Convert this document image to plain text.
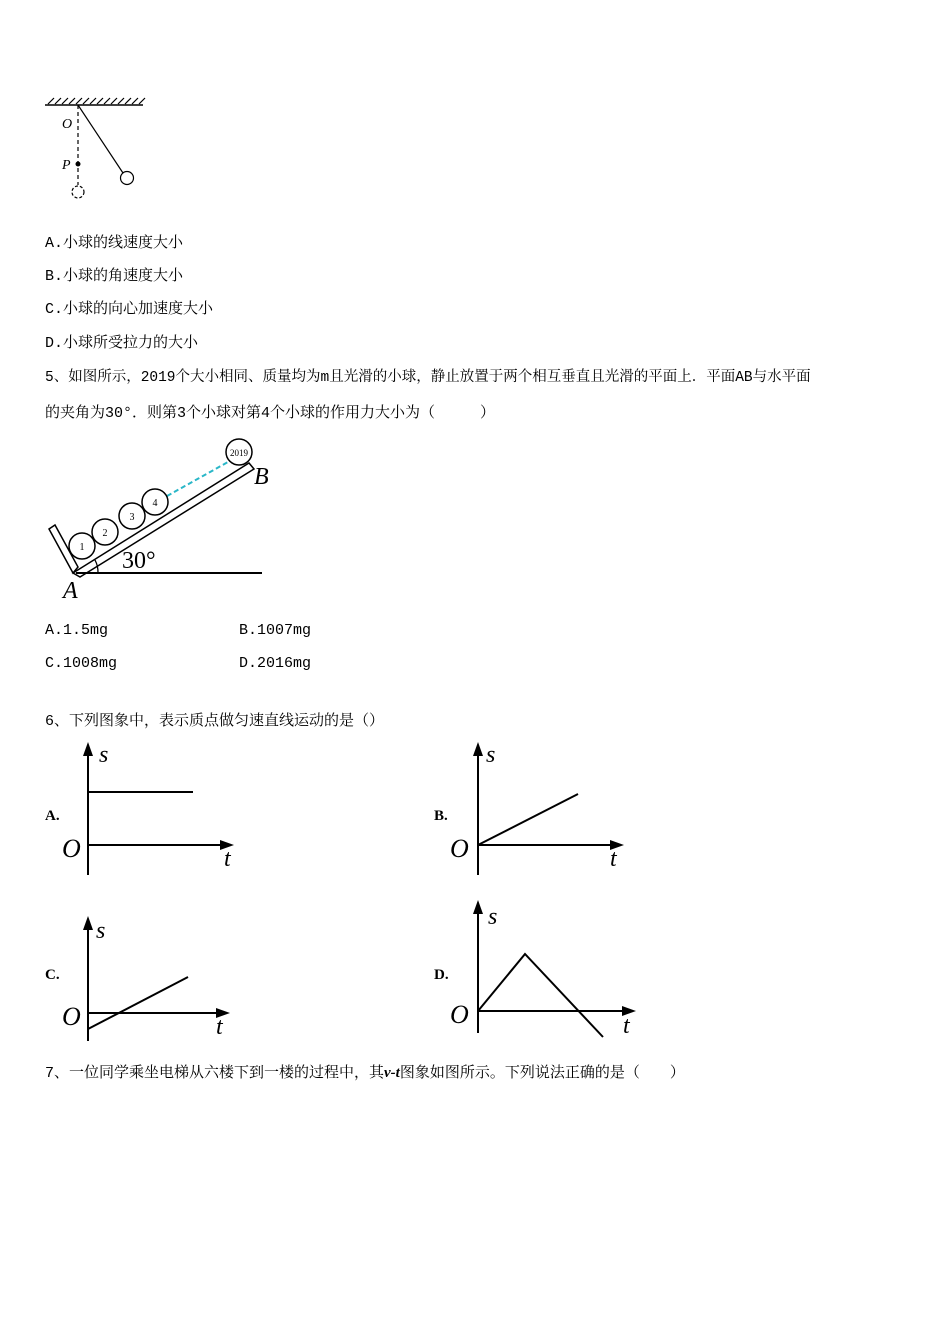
O
P
A.小球的线速度大小
B.小球的角速度大小
C.小球的向心加速度大小
D.小球所受拉力的大小
5、如图所示，2019个大小相同、质量均为m且光滑的小球，静止放置于两个相互垂直且光滑的平面上．平面AB与水平面
的夹角为30°．则第3个小球对第4个小球的作用力大小为（　　　）
1
2
3
4
2019
B
A
30°
A.1.5mg	B.1007mg
C.1008mg	D.2016mg
6、下列图象中，表示质点做匀速直线运动的是（）
A.
s
t
O
B.
s
t
O
C.
s
t
O
D.
s
t
O
7、一位同学乘坐电梯从六楼下到一楼的过程中，其v-t图象如图所示。下列说法正确的是（　　）
